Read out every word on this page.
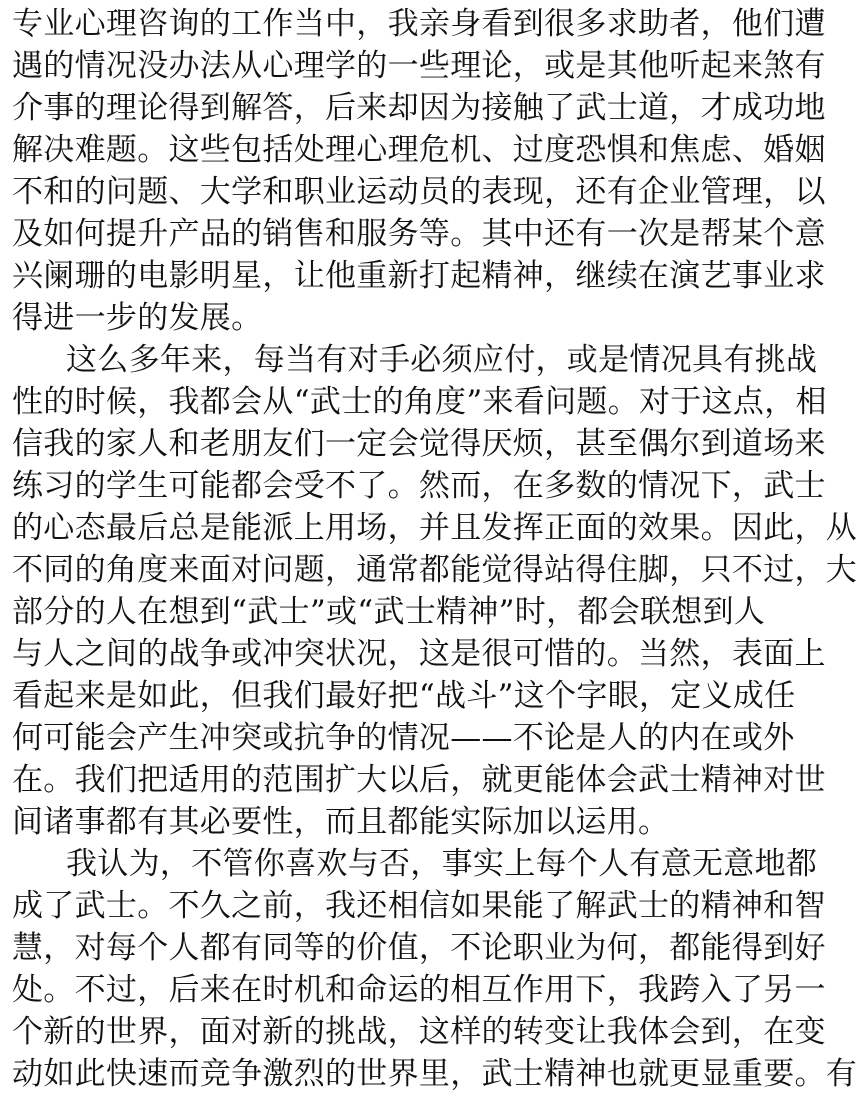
专业心理咨询的工作当中，我亲身看到很多求助者，他们遭
遇的情况没办法从心理学的一些理论，或是其他听起来煞有
介事的理论得到解答，后来却因为接触了武士道，才成功地
解决难题。这些包括处理心理危机、过度恐惧和焦虑、婚姻
不和的问题、大学和职业运动员的表现，还有企业管理，以
及如何提升产品的销售和服务等。其中还有一次是帮某个意
兴阑珊的电影明星，让他重新打起精神，继续在演艺事业求
得进一步的发展。
这么多年来，每当有对手必须应付，或是情况具有挑战
性的时候，我都会从“武士的角度”来看问题。对于这点，相
信我的家人和老朋友们一定会觉得厌烦，甚至偶尔到道场来
练习的学生可能都会受不了。然而，在多数的情况下，武士
的心态最后总是能派上用场，并且发挥正面的效果。因此，从
不同的角度来面对问题，通常都能觉得站得住脚，只不过，大
部分的人在想到“武士”或“武士精神”时，都会联想到人
与人之间的战争或冲突状况，这是很可惜的。当然，表面上
看起来是如此，但我们最好把“战斗”这个字眼，定义成任
何可能会产生冲突或抗争的情况——不论是人的内在或外
在。我们把适用的范围扩大以后，就更能体会武士精神对世
间诸事都有其必要性，而且都能实际加以运用。
我认为，不管你喜欢与否，事实上每个人有意无意地都
成了武士。不久之前，我还相信如果能了解武士的精神和智
慧，对每个人都有同等的价值，不论职业为何，都能得到好
处。不过，后来在时机和命运的相互作用下，我跨入了另一
个新的世界，面对新的挑战，这样的转变让我体会到，在变
动如此快速而竞争激烈的世界里，武士精神也就更显重要。有
